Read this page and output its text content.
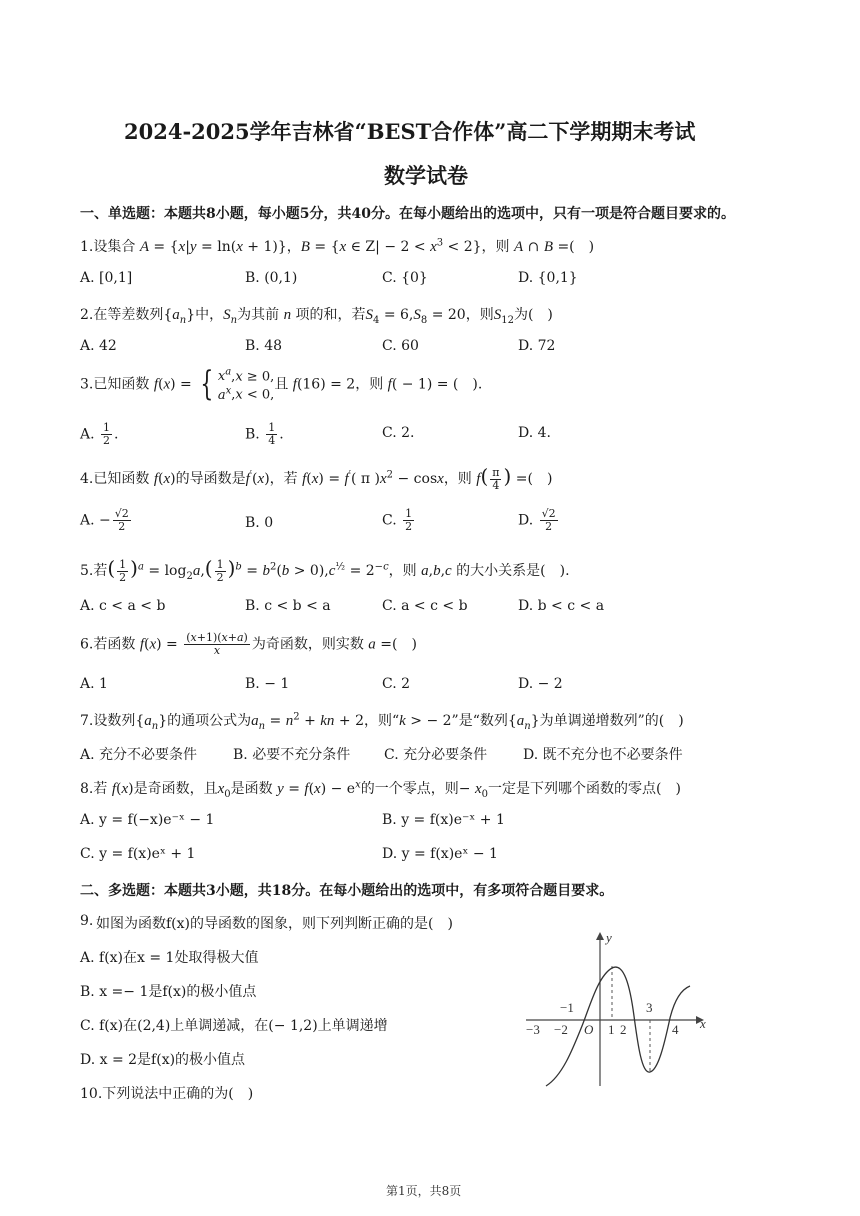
2024-2025学年吉林省“BEST合作体”高二下学期期末考试
数学试卷
一、单选题：本题共8小题，每小题5分，共40分。在每小题给出的选项中，只有一项是符合题目要求的。
1.设集合 A = {x|y = ln(x + 1)}，B = {x ∈ $Z| - 2 < x^3 < 2$}，则 A ∩ B =(　)
A. [0,1]	B. (0,1)	C. {0}	D. {0,1}
2.在等差数列$\{a_n\}$中，$S_n$为其前 n 项的和，若$S_4 = 6,S_8 = 20$，则$S_{12}$为(　)
A. 42	B. 48	C. 60	D. 72
3.已知函数 f(x) = { $x^a,x \ge 0$,
$a^x,x < 0$,且 f(16) = 2，则 f( − 1) = (　).
A. $\frac{1}{2}$ .	B. $\frac{1}{4}$ .	C. 2.	D. 4.
4.已知函数 f(x)的导函数是f′(x)，若 f(x) = f′( π )$x^2 - \cos x$，则 $f( \frac{\pi}{4}$ ) =(　)
A. − $\frac{√2}{2}$	B. 0	C. $\frac{1}{2}$	D. $\frac{√2}{2}$
5.若( $\frac{1}{2} )^a = \log_2a,( \frac{1}{2} )^b = b^2(b > 0),c^{\frac{1}{2}} = 2^{-c}$，则 a,b,c 的大小关系是(　).
A. c < a < b	B. c < b < a	C. a < c < b	D. b < c < a
6.若函数 $f(x) = \frac{(x+1)(x+a)}{x}$ 为奇函数，则实数 a =(　)
A. 1	B. − 1	C. 2	D. − 2
7.设数列$\{a_n\}$的通项公式为$a_n = n^2$ + kn + 2，则“k > − 2”是“数列$\{a_n\}$为单调递增数列”的(　)
A. 充分不必要条件	B. 必要不充分条件 C. 充分必要条件	D. 既不充分也不必要条件
8.若 f(x)是奇函数，且$x_0$是函数 $y = f(x) - e^x$的一个零点，则− $x_0$一定是下列哪个函数的零点(　)
A. y = f(−x)e⁻ˣ − 1	B. y = f(x)e⁻ˣ + 1
C. y = f(x)eˣ + 1	D. y = f(x)eˣ − 1
二、多选题：本题共3小题，共18分。在每小题给出的选项中，有多项符合题目要求。
如图为函数f(x)的导函数的图象，则下列判断正确的是(　)
9.
A. f(x)在x = 1处取得极大值
B. x =− 1是f(x)的极小值点
C. f(x)在(2,4)上单调递减，在(− 1,2)上单调递增
D. x = 2是f(x)的极小值点
10.下列说法中正确的为(　)
y
x
−3 −2
−1
O 1 2
3
4
第1页，共8页
